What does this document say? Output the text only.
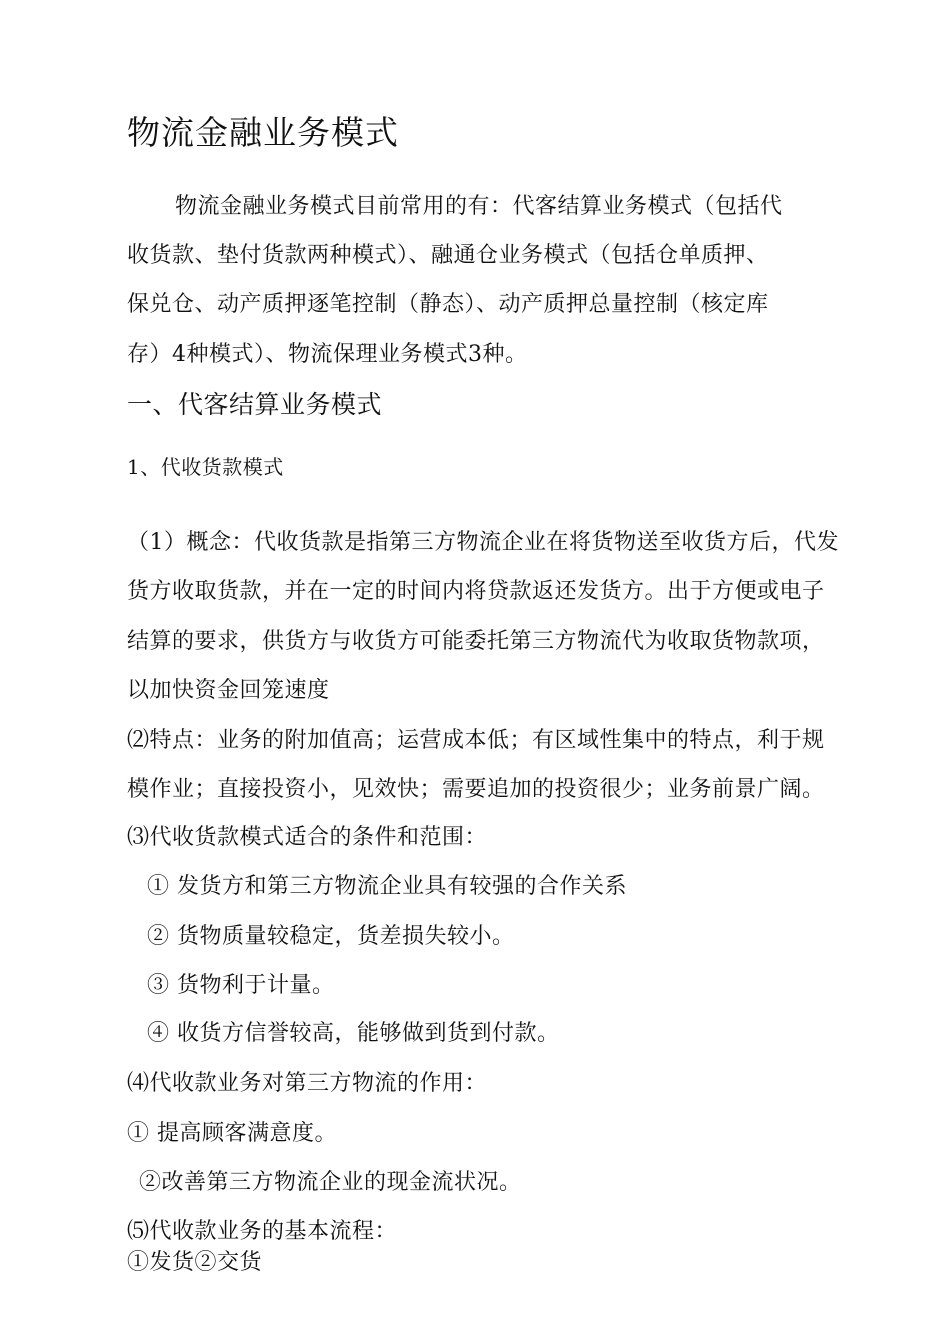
物流金融业务模式
物流金融业务模式目前常用的有：代客结算业务模式（包括代
收货款、垫付货款两种模式）、融通仓业务模式（包括仓单质押、
保兑仓、动产质押逐笔控制（静态）、动产质押总量控制（核定库
存）4种模式）、物流保理业务模式3种。
一、代客结算业务模式
1、代收货款模式
（1）概念：代收货款是指第三方物流企业在将货物送至收货方后，代发
货方收取货款，并在一定的时间内将贷款返还发货方。出于方便或电子
结算的要求，供货方与收货方可能委托第三方物流代为收取货物款项，
以加快资金回笼速度
⑵特点：业务的附加值高；运营成本低；有区域性集中的特点，利于规
模作业；直接投资小，见效快；需要追加的投资很少；业务前景广阔。
⑶代收货款模式适合的条件和范围：
① 发货方和第三方物流企业具有较强的合作关系
② 货物质量较稳定，货差损失较小。
③ 货物利于计量。
④ 收货方信誉较高，能够做到货到付款。
⑷代收款业务对第三方物流的作用：
① 提高顾客满意度。
②改善第三方物流企业的现金流状况。
⑸代收款业务的基本流程：
①发货②交货
